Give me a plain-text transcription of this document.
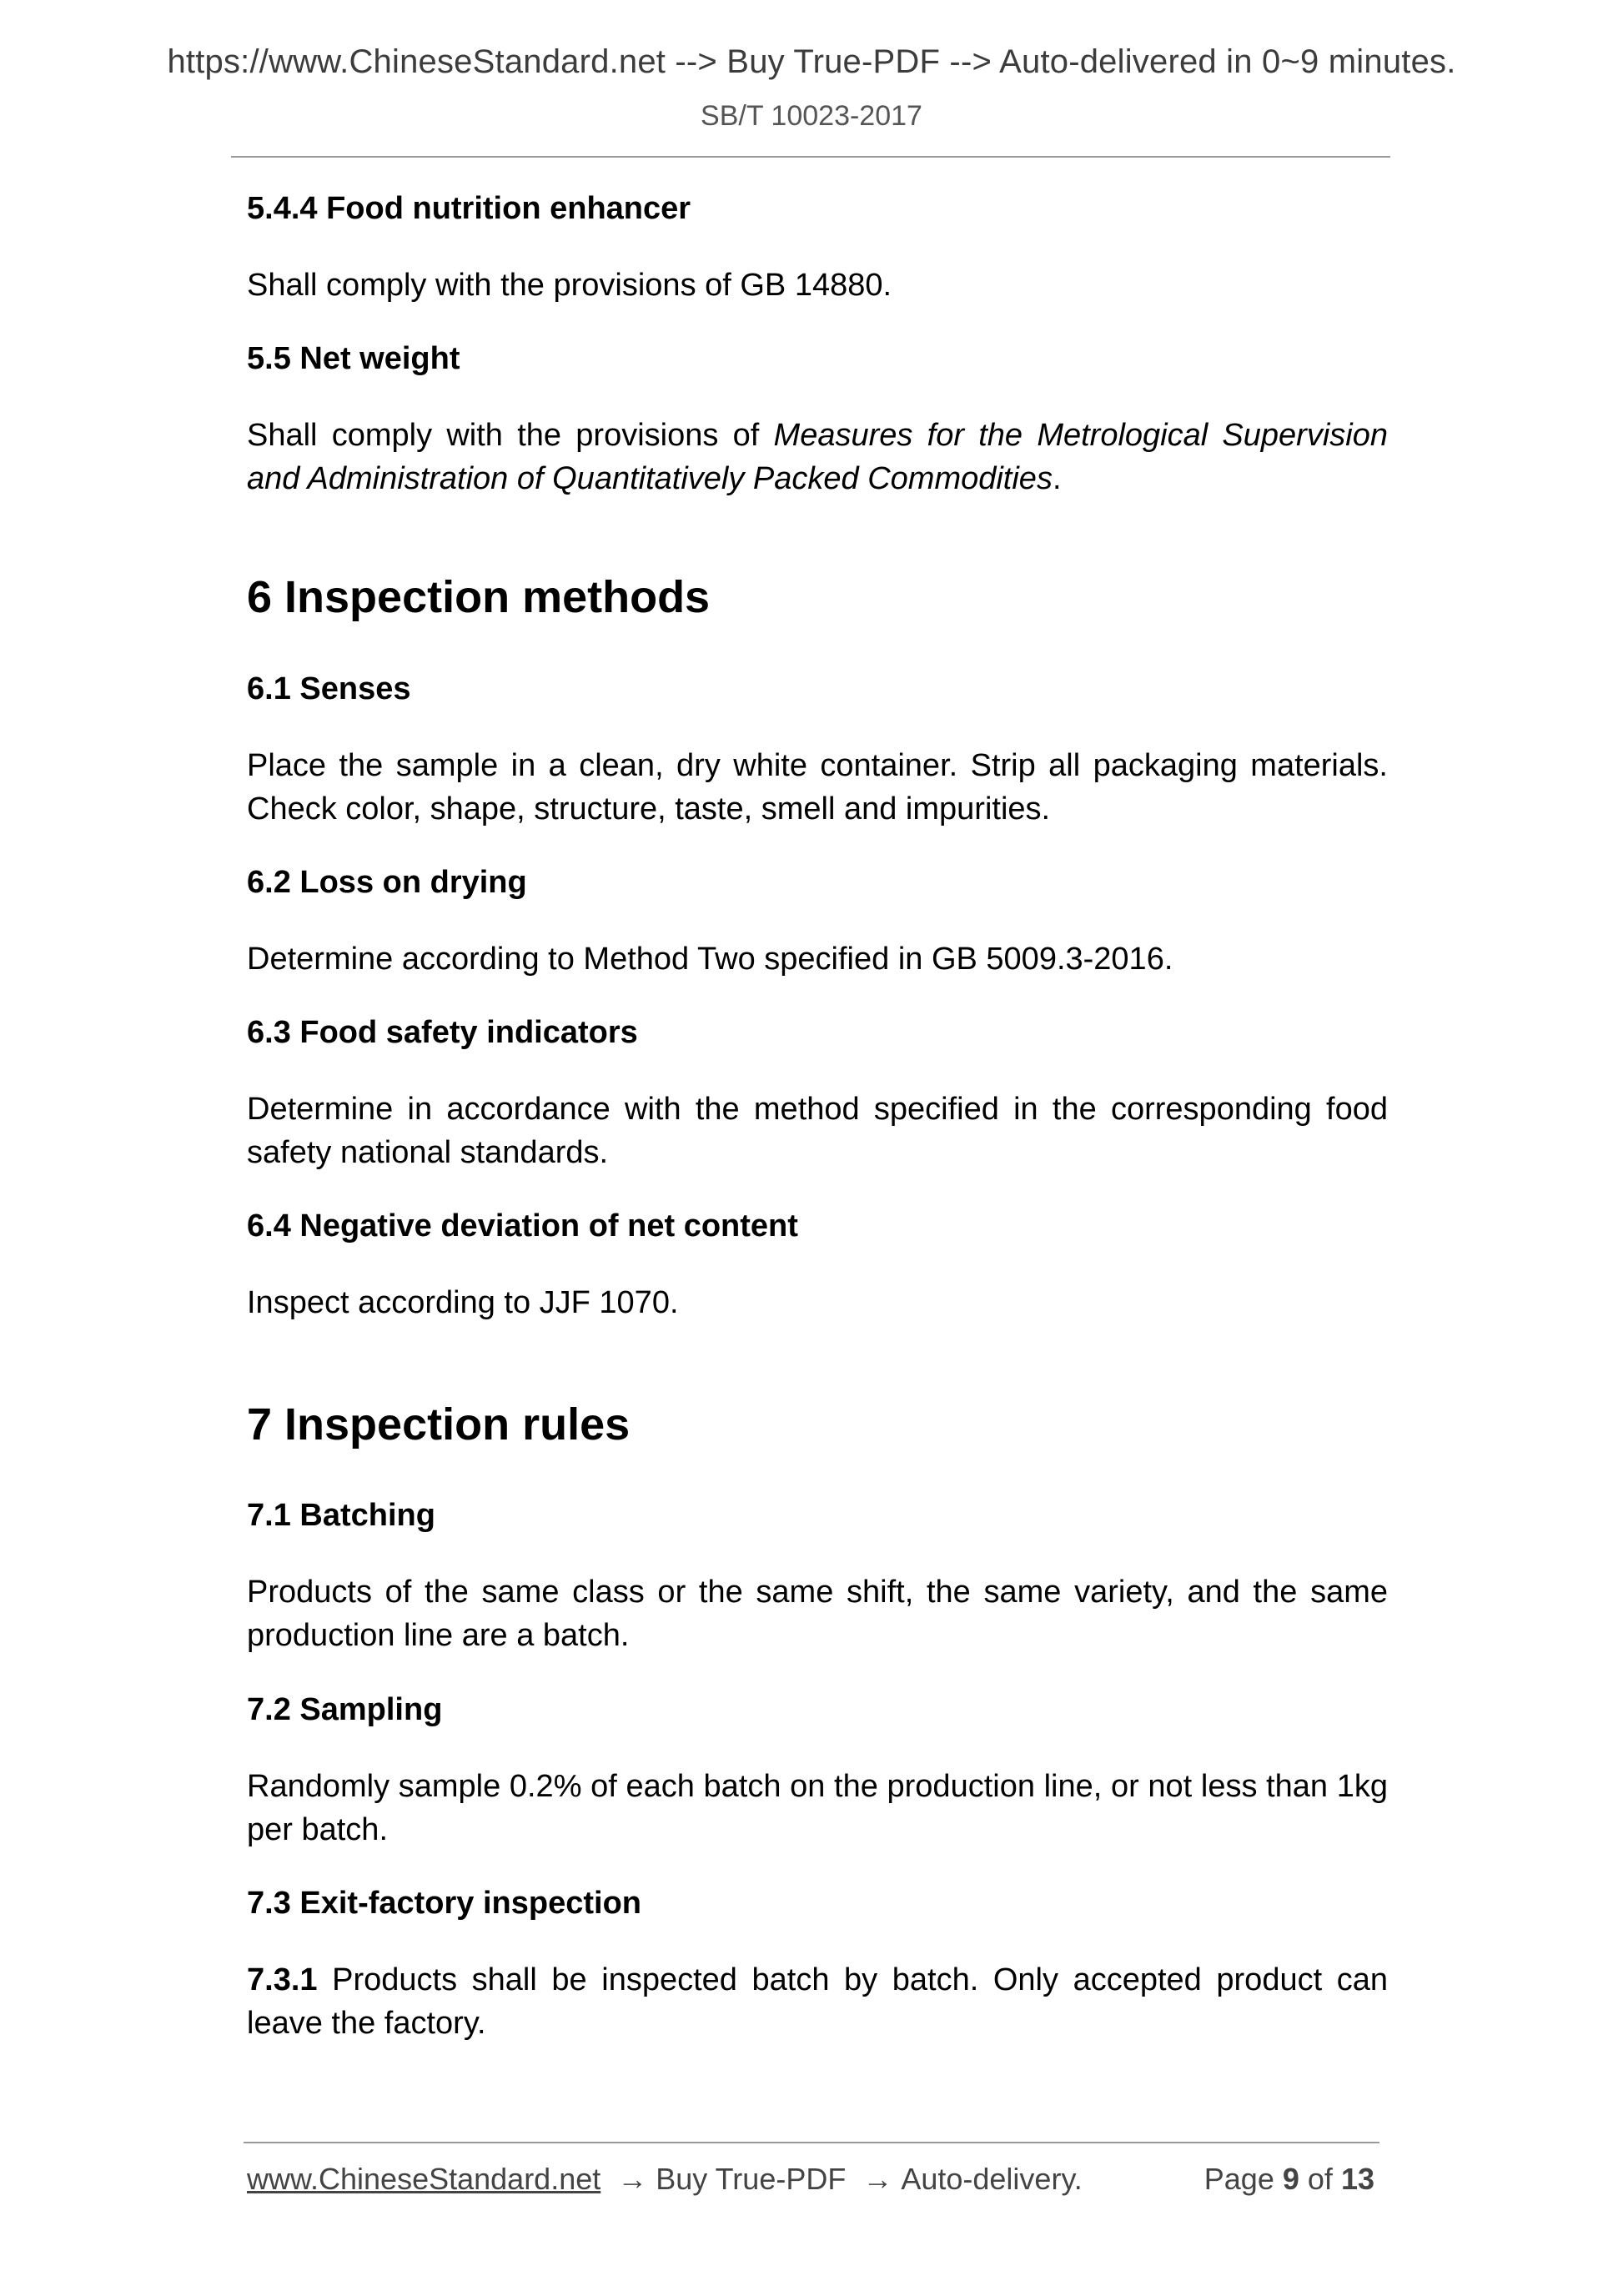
https://www.ChineseStandard.net --> Buy True-PDF --> Auto-delivered in 0~9 minutes.
SB/T 10023-2017
5.4.4 Food nutrition enhancer
Shall comply with the provisions of GB 14880.
5.5 Net weight
Shall comply with the provisions of Measures for the Metrological Supervision and Administration of Quantitatively Packed Commodities.
6 Inspection methods
6.1 Senses
Place the sample in a clean, dry white container. Strip all packaging materials. Check color, shape, structure, taste, smell and impurities.
6.2 Loss on drying
Determine according to Method Two specified in GB 5009.3-2016.
6.3 Food safety indicators
Determine in accordance with the method specified in the corresponding food safety national standards.
6.4 Negative deviation of net content
Inspect according to JJF 1070.
7 Inspection rules
7.1 Batching
Products of the same class or the same shift, the same variety, and the same production line are a batch.
7.2 Sampling
Randomly sample 0.2% of each batch on the production line, or not less than 1kg per batch.
7.3 Exit-factory inspection
7.3.1 Products shall be inspected batch by batch. Only accepted product can leave the factory.
www.ChineseStandard.net → Buy True-PDF → Auto-delivery.	Page 9 of 13
